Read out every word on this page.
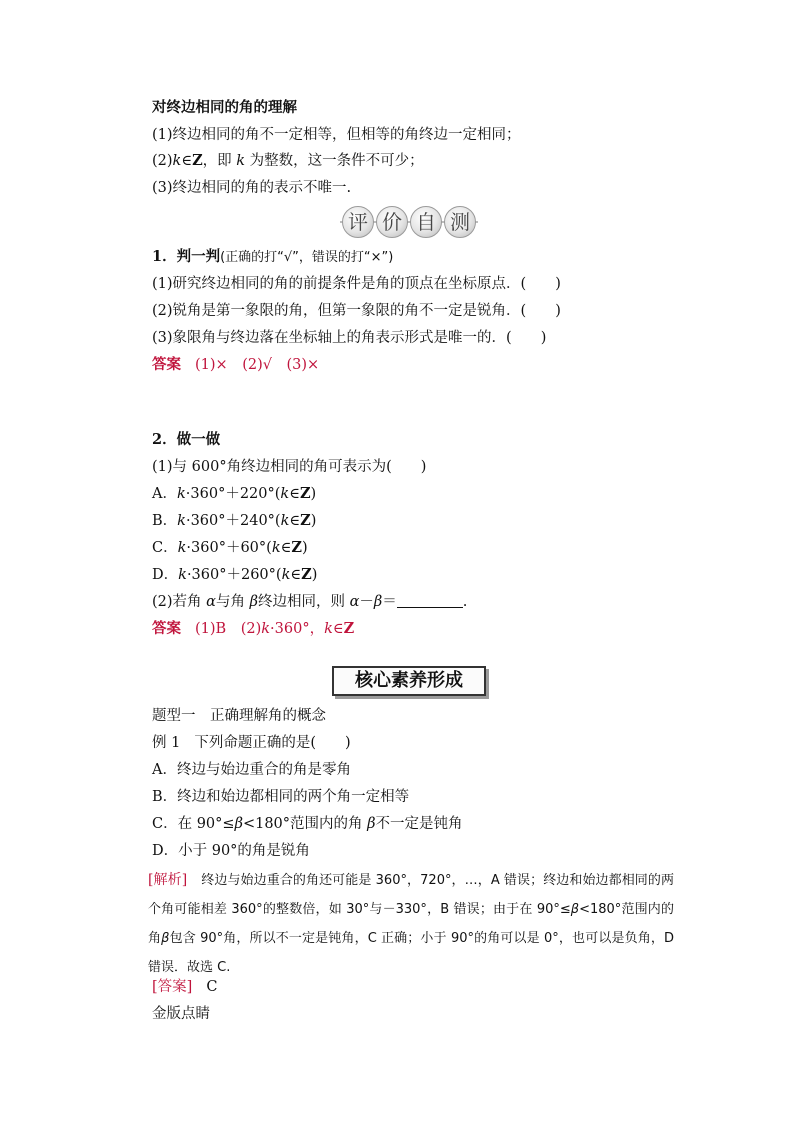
对终边相同的角的理解
(1)终边相同的角不一定相等，但相等的角终边一定相同；
(2)k∈Z，即 k 为整数，这一条件不可少；
(3)终边相同的角的表示不唯一.
评 价 自 测
1．判一判(正确的打“√”，错误的打“×”)
(1)研究终边相同的角的前提条件是角的顶点在坐标原点．(　　)
(2)锐角是第一象限的角，但第一象限的角不一定是锐角．(　　)
(3)象限角与终边落在坐标轴上的角表示形式是唯一的．(　　)
答案 (1)×　(2)√　(3)×
2．做一做
(1)与 600°角终边相同的角可表示为(　　)
A．k·360°＋220°(k∈Z)
B．k·360°＋240°(k∈Z)
C．k·360°＋60°(k∈Z)
D．k·360°＋260°(k∈Z)
(2)若角 α与角 β终边相同，则 α－β＝	.
答案 (1)B　(2)k·360°，k∈Z
核心素养形成
题型一　正确理解角的概念
例 1 下列命题正确的是(　　)
A．终边与始边重合的角是零角
B．终边和始边都相同的两个角一定相等
C．在 90°≤β<180°范围内的角 β不一定是钝角
D．小于 90°的角是锐角
[解析] 终边与始边重合的角还可能是 360°，720°，…，A 错误；终边和始边都相同的两个角可能相差 360°的整数倍，如 30°与－330°，B 错误；由于在 90°≤β<180°范围内的角β包含 90°角，所以不一定是钝角，C 正确；小于 90°的角可以是 0°，也可以是负角，D 错误．故选 C.
[答案] C
金版点睛
